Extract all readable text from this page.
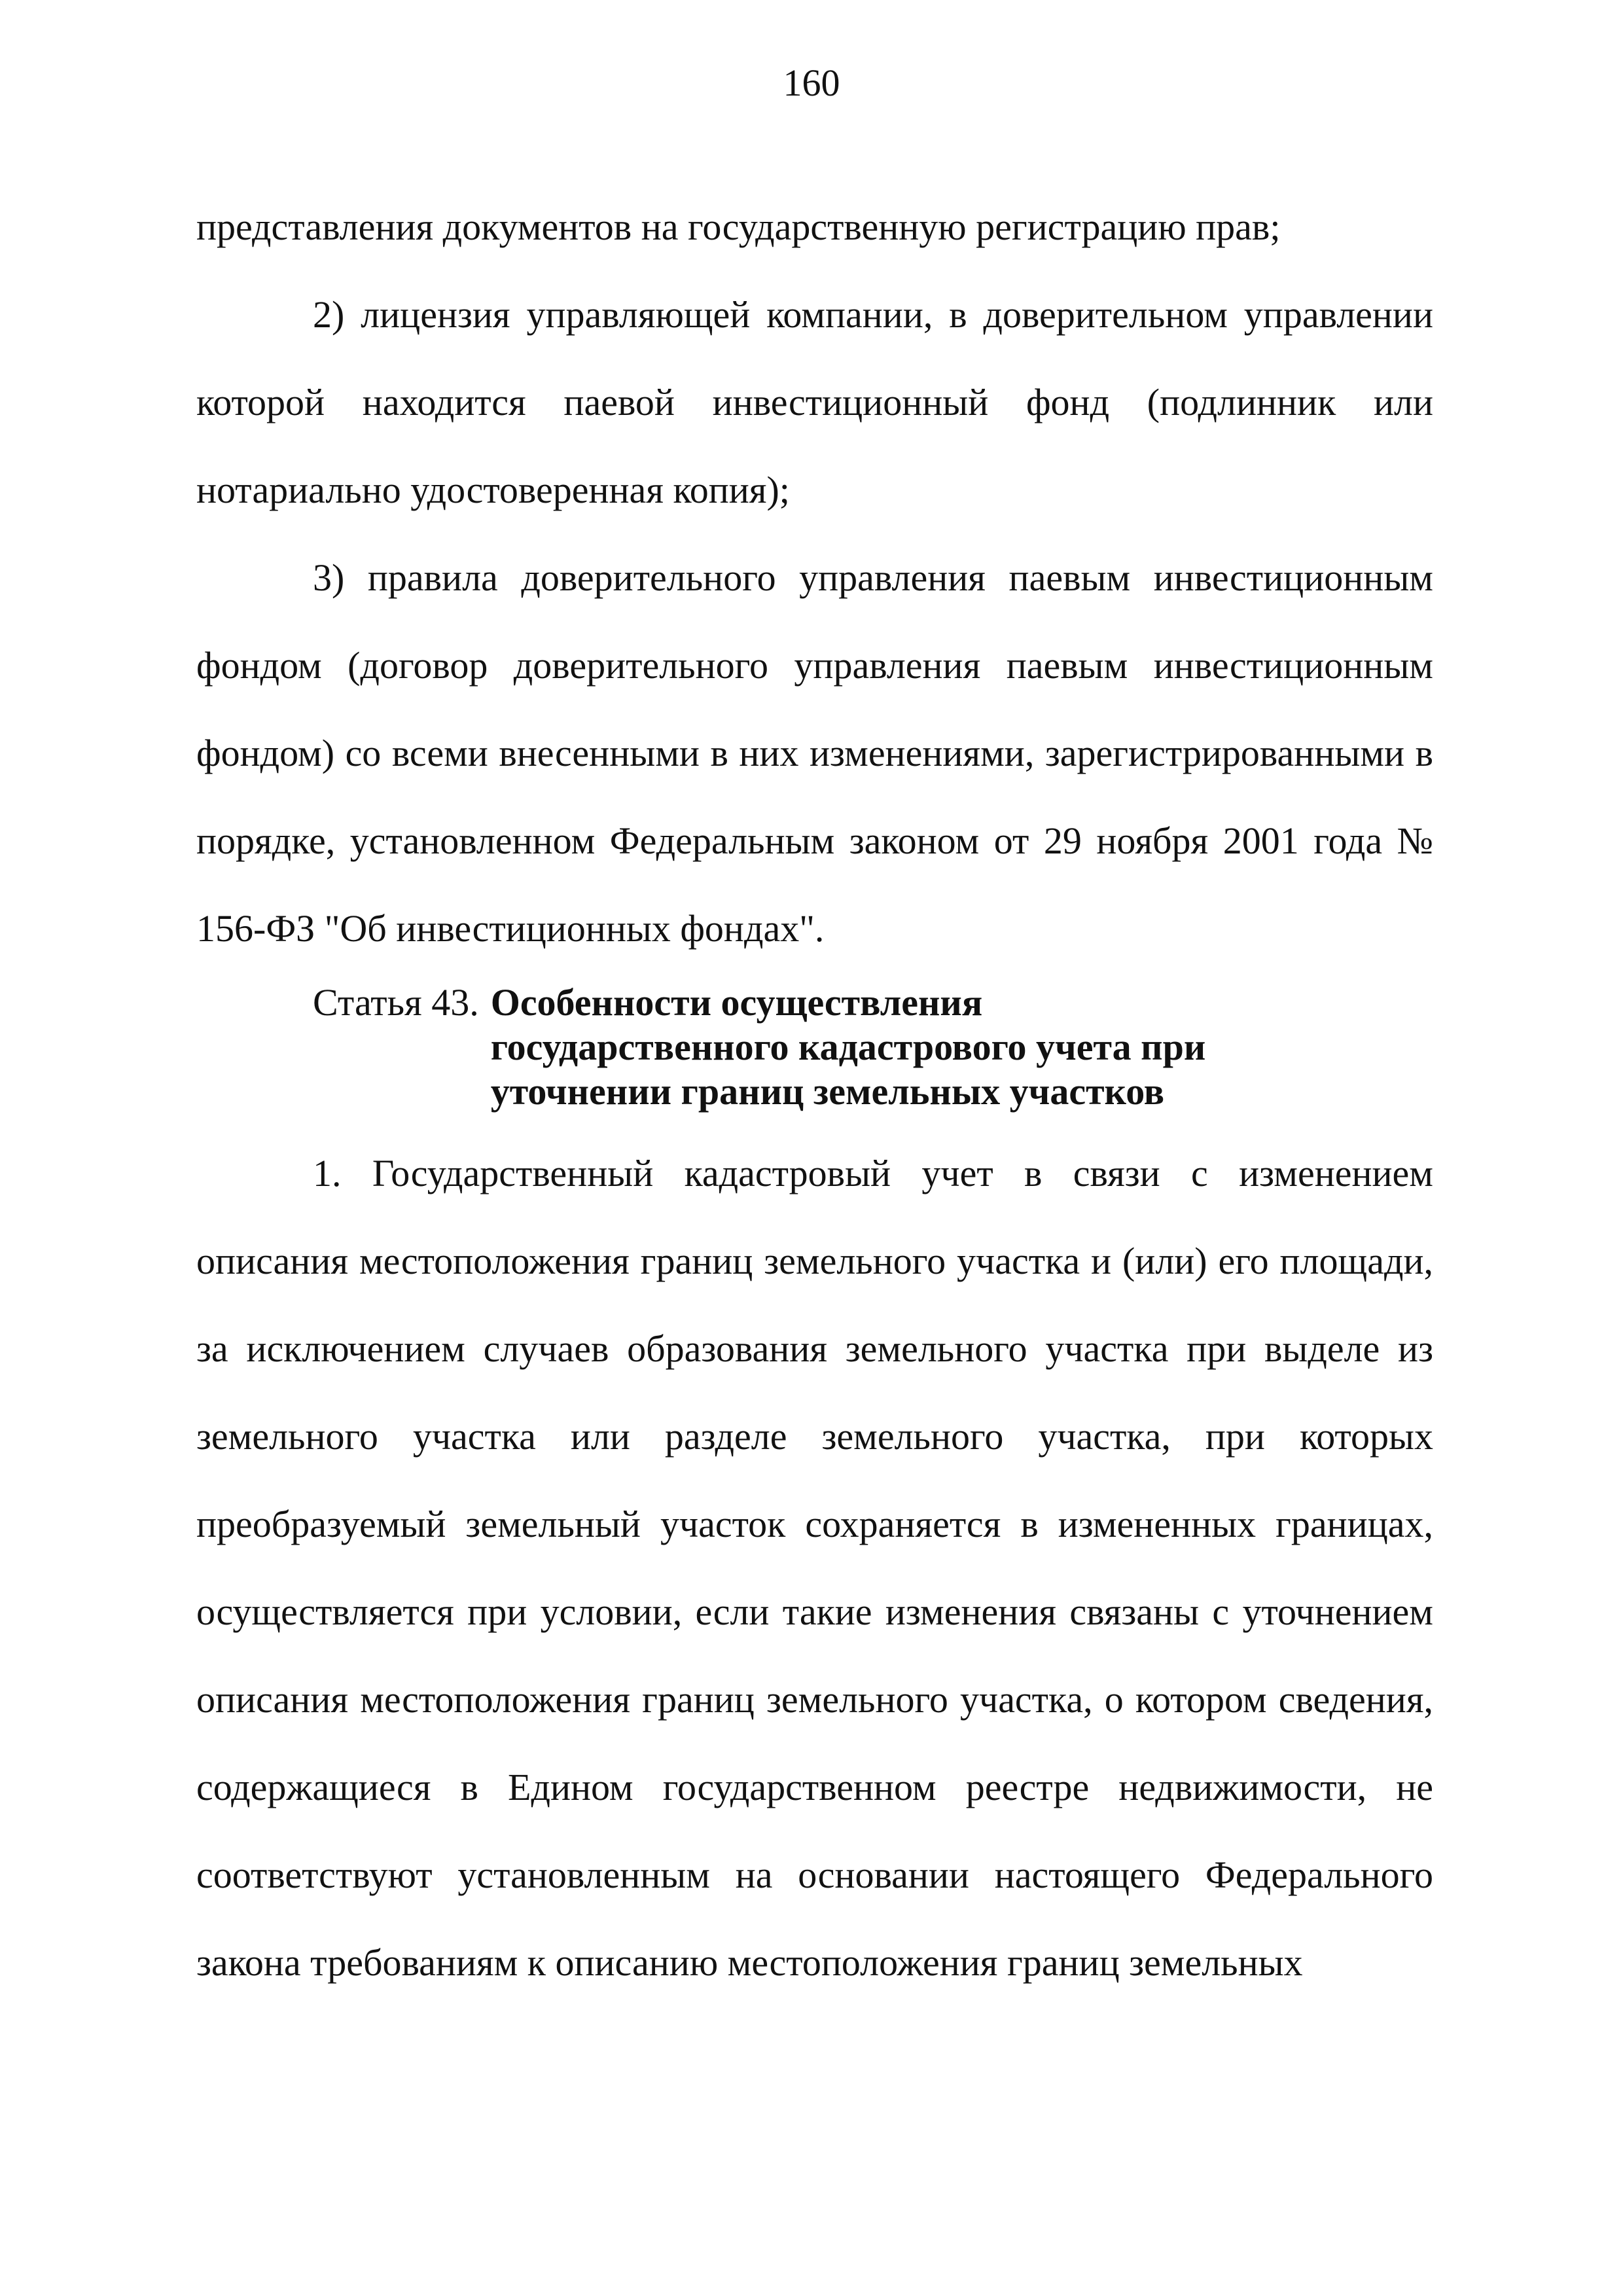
160

представления документов на государственную регистрацию прав;

2) лицензия управляющей компании, в доверительном управлении которой находится паевой инвестиционный фонд (подлинник или нотариально удостоверенная копия);

3) правила доверительного управления паевым инвестиционным фондом (договор доверительного управления паевым инвестиционным фондом) со всеми внесенными в них изменениями, зарегистрированными в порядке, установленном Федеральным законом от 29 ноября 2001 года № 156-ФЗ "Об инвестиционных фондах".

Статья 43. Особенности осуществления государственного кадастрового учета при уточнении границ земельных участков

1. Государственный кадастровый учет в связи с изменением описания местоположения границ земельного участка и (или) его площади, за исключением случаев образования земельного участка при выделе из земельного участка или разделе земельного участка, при которых преобразуемый земельный участок сохраняется в измененных границах, осуществляется при условии, если такие изменения связаны с уточнением описания местоположения границ земельного участка, о котором сведения, содержащиеся в Едином государственном реестре недвижимости, не соответствуют установленным на основании настоящего Федерального закона требованиям к описанию местоположения границ земельных
